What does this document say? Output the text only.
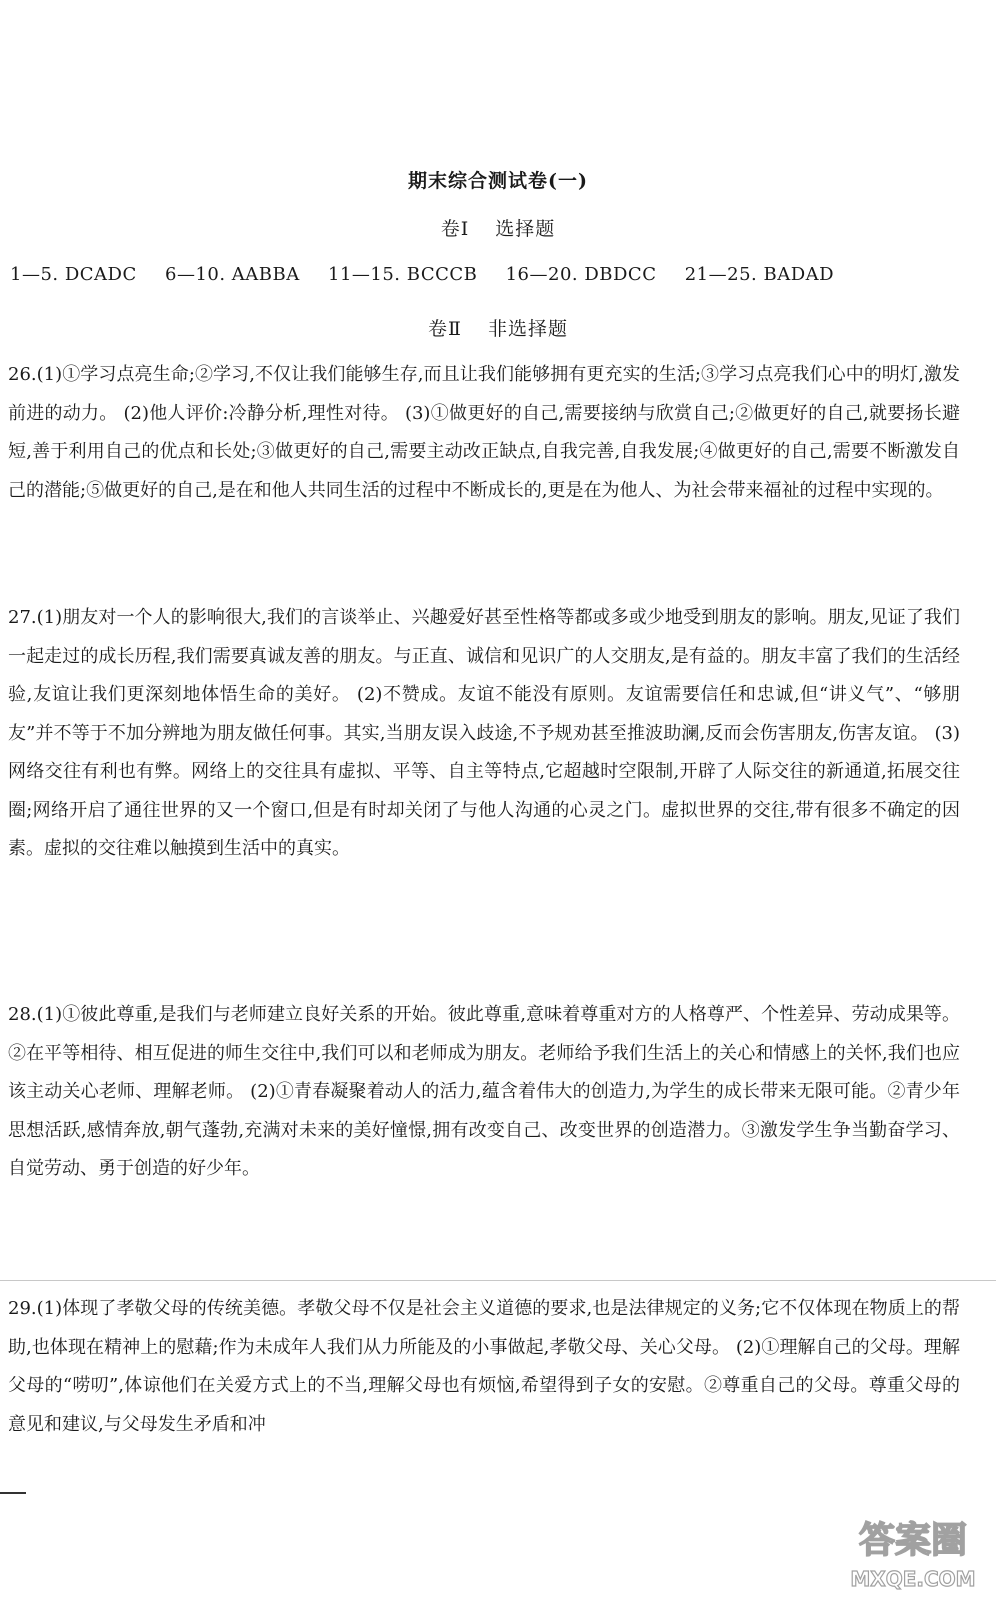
期末综合测试卷(一)
卷Ⅰ 选择题
1—5. DCADC 6—10. AABBA 11—15. BCCCB 16—20. DBDCC 21—25. BADAD
卷Ⅱ 非选择题
26.(1)①学习点亮生命;②学习,不仅让我们能够生存,而且让我们能够拥有更充实的生活;③学习点亮我们心中的明灯,激发前进的动力。 (2)他人评价:冷静分析,理性对待。 (3)①做更好的自己,需要接纳与欣赏自己;②做更好的自己,就要扬长避短,善于利用自己的优点和长处;③做更好的自己,需要主动改正缺点,自我完善,自我发展;④做更好的自己,需要不断激发自己的潜能;⑤做更好的自己,是在和他人共同生活的过程中不断成长的,更是在为他人、为社会带来福祉的过程中实现的。
27.(1)朋友对一个人的影响很大,我们的言谈举止、兴趣爱好甚至性格等都或多或少地受到朋友的影响。朋友,见证了我们一起走过的成长历程,我们需要真诚友善的朋友。与正直、诚信和见识广的人交朋友,是有益的。朋友丰富了我们的生活经验,友谊让我们更深刻地体悟生命的美好。 (2)不赞成。友谊不能没有原则。友谊需要信任和忠诚,但“讲义气”、“够朋友”并不等于不加分辨地为朋友做任何事。其实,当朋友误入歧途,不予规劝甚至推波助澜,反而会伤害朋友,伤害友谊。 (3)网络交往有利也有弊。网络上的交往具有虚拟、平等、自主等特点,它超越时空限制,开辟了人际交往的新通道,拓展交往圈;网络开启了通往世界的又一个窗口,但是有时却关闭了与他人沟通的心灵之门。虚拟世界的交往,带有很多不确定的因素。虚拟的交往难以触摸到生活中的真实。
28.(1)①彼此尊重,是我们与老师建立良好关系的开始。彼此尊重,意味着尊重对方的人格尊严、个性差异、劳动成果等。②在平等相待、相互促进的师生交往中,我们可以和老师成为朋友。老师给予我们生活上的关心和情感上的关怀,我们也应该主动关心老师、理解老师。 (2)①青春凝聚着动人的活力,蕴含着伟大的创造力,为学生的成长带来无限可能。②青少年思想活跃,感情奔放,朝气蓬勃,充满对未来的美好憧憬,拥有改变自己、改变世界的创造潜力。③激发学生争当勤奋学习、自觉劳动、勇于创造的好少年。
29.(1)体现了孝敬父母的传统美德。孝敬父母不仅是社会主义道德的要求,也是法律规定的义务;它不仅体现在物质上的帮助,也体现在精神上的慰藉;作为未成年人我们从力所能及的小事做起,孝敬父母、关心父母。 (2)①理解自己的父母。理解父母的“唠叨”,体谅他们在关爱方式上的不当,理解父母也有烦恼,希望得到子女的安慰。②尊重自己的父母。尊重父母的意见和建议,与父母发生矛盾和冲
答案圈
MXQE.COM
